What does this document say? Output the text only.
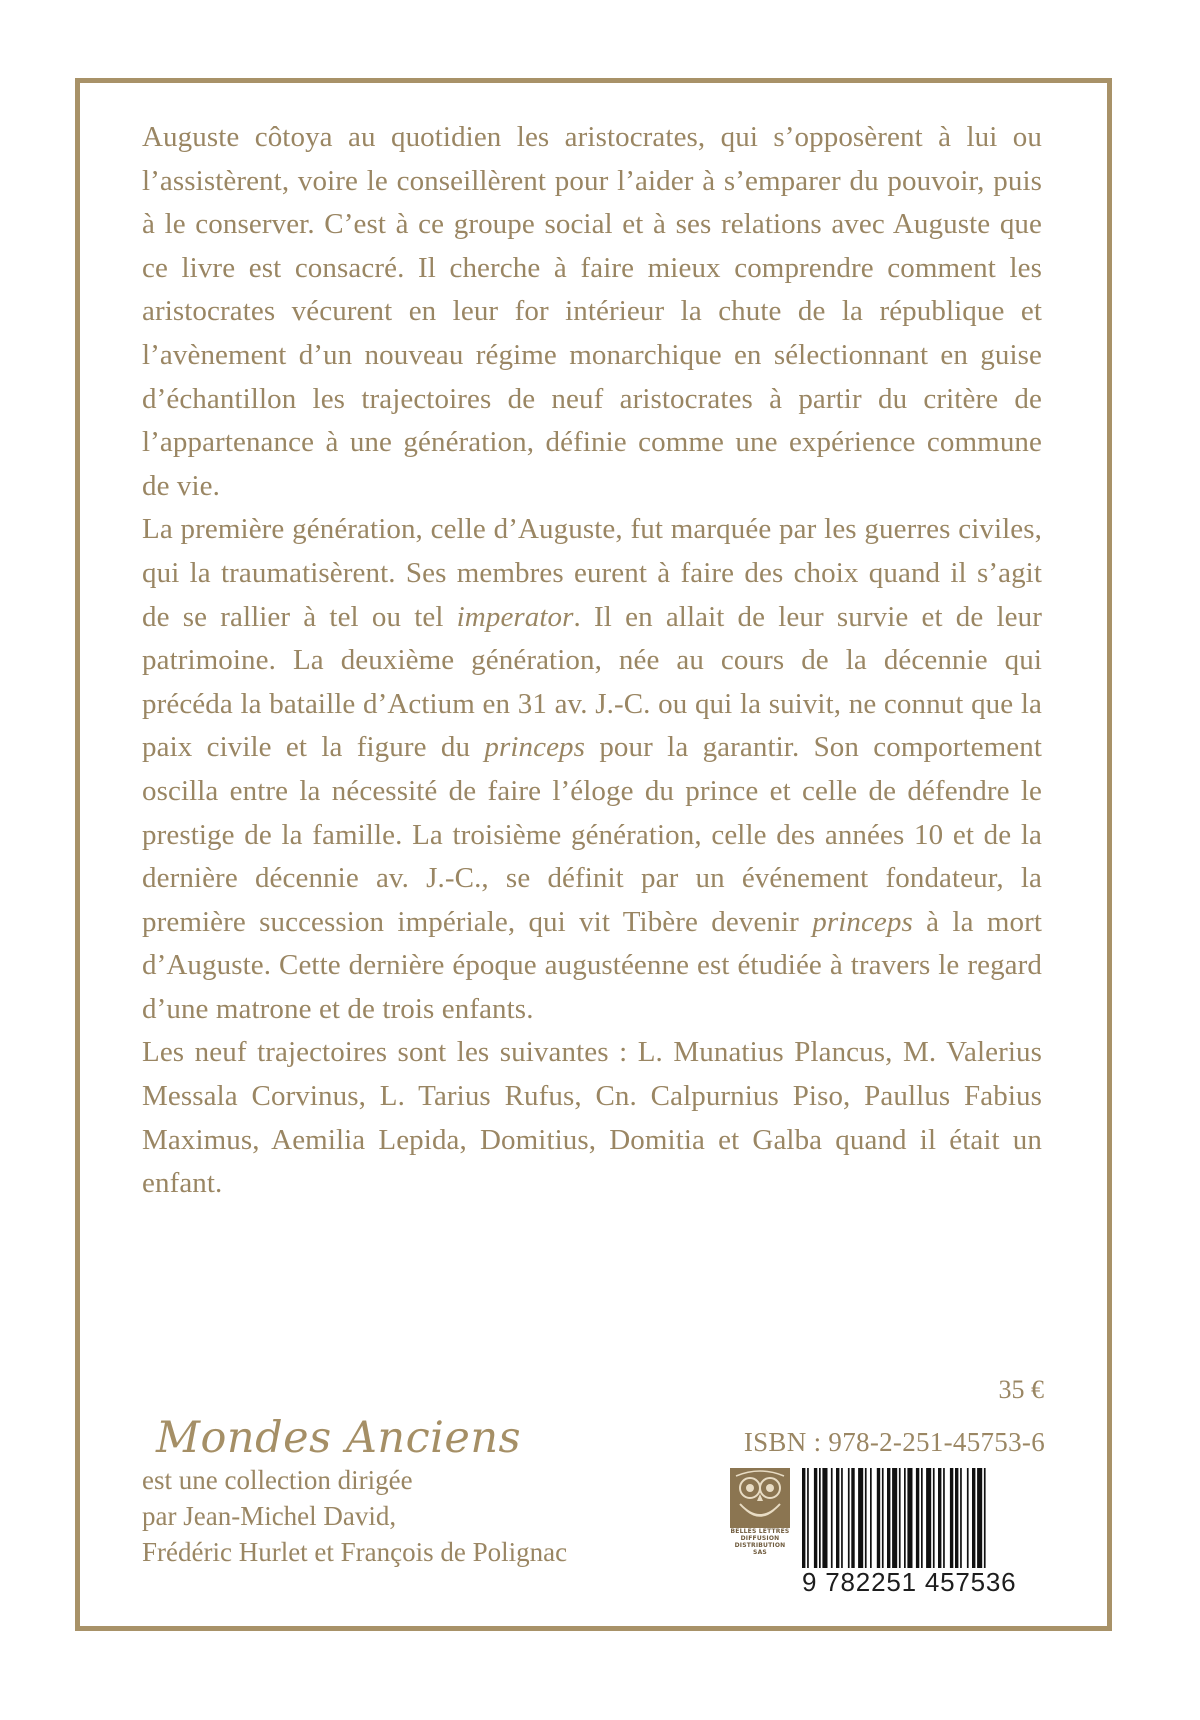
Auguste côtoya au quotidien les aristocrates, qui s’opposèrent à lui ou l’assistèrent, voire le conseillèrent pour l’aider à s’emparer du pouvoir, puis à le conserver. C’est à ce groupe social et à ses relations avec Auguste que ce livre est consacré. Il cherche à faire mieux comprendre comment les aristocrates vécurent en leur for intérieur la chute de la république et l’avènement d’un nouveau régime monarchique en sélectionnant en guise d’échantillon les trajectoires de neuf aristocrates à partir du critère de l’appartenance à une génération, définie comme une expérience commune de vie.

La première génération, celle d’Auguste, fut marquée par les guerres civiles, qui la traumatisèrent. Ses membres eurent à faire des choix quand il s’agit de se rallier à tel ou tel imperator. Il en allait de leur survie et de leur patrimoine. La deuxième génération, née au cours de la décennie qui précéda la bataille d’Actium en 31 av. J.-C. ou qui la suivit, ne connut que la paix civile et la figure du princeps pour la garantir. Son comportement oscilla entre la nécessité de faire l’éloge du prince et celle de défendre le prestige de la famille. La troisième génération, celle des années 10 et de la dernière décennie av. J.-C., se définit par un événement fondateur, la première succession impériale, qui vit Tibère devenir princeps à la mort d’Auguste. Cette dernière époque augustéenne est étudiée à travers le regard d’une matrone et de trois enfants.

Les neuf trajectoires sont les suivantes : L. Munatius Plancus, M. Valerius Messala Corvinus, L. Tarius Rufus, Cn. Calpurnius Piso, Paullus Fabius Maximus, Aemilia Lepida, Domitius, Domitia et Galba quand il était un enfant.

Mondes Anciens
est une collection dirigée
par Jean-Michel David,
Frédéric Hurlet et François de Polignac
35 €
ISBN : 978-2-251-45753-6
BELLES LETTRES
DIFFUSION
DISTRIBUTION
SAS
9 782251 457536
